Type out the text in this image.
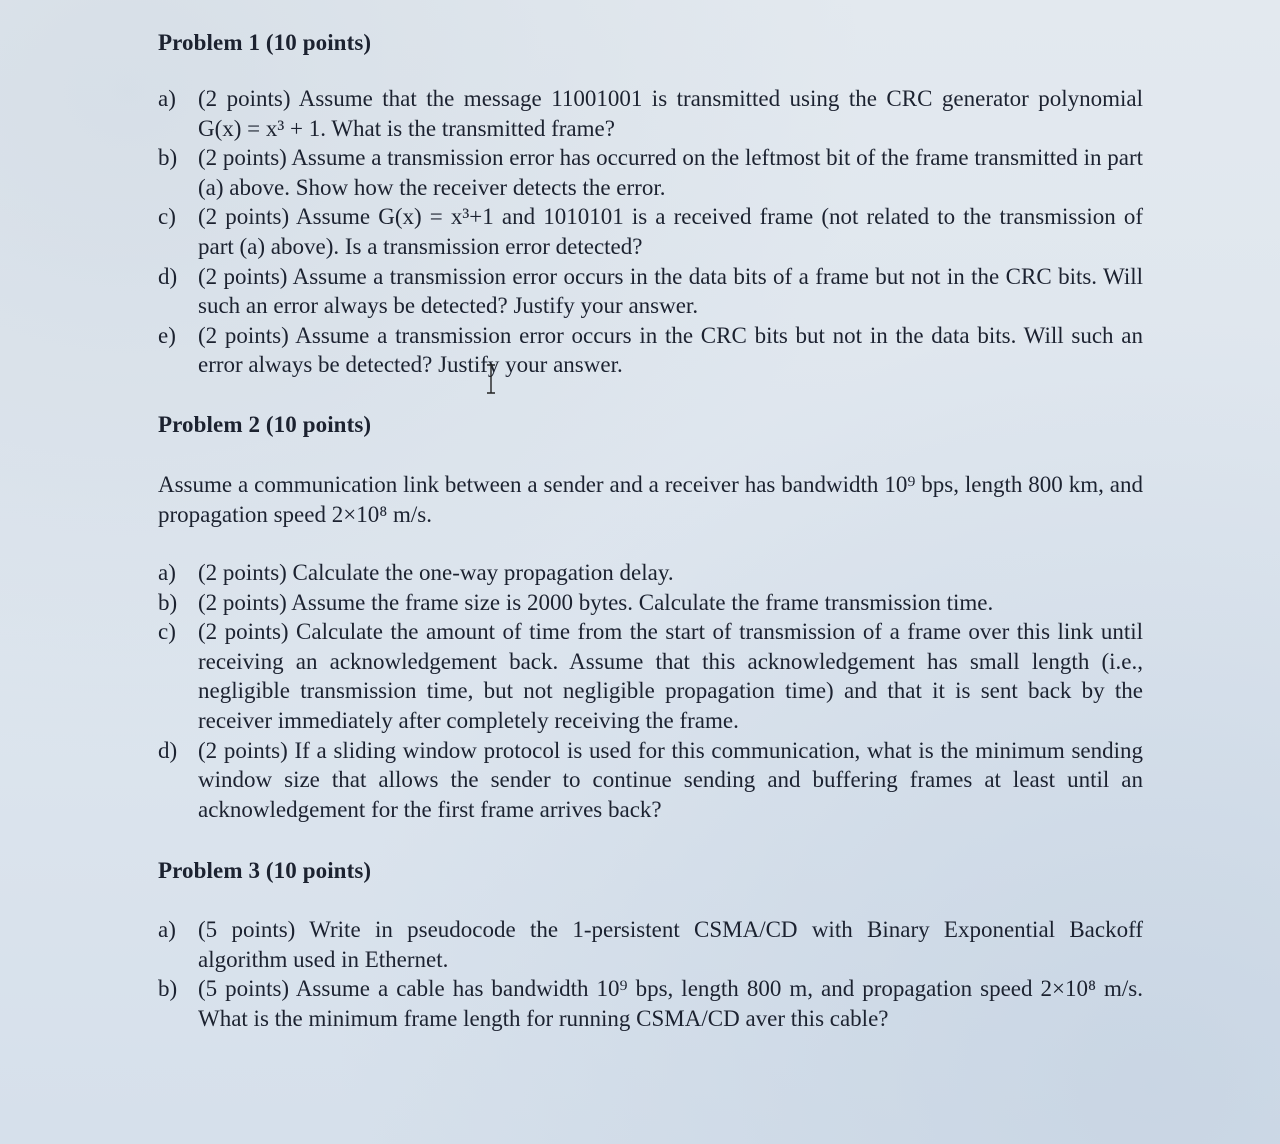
Problem 1 (10 points)
a) (2 points) Assume that the message 11001001 is transmitted using the CRC generator polynomial G(x) = x³ + 1. What is the transmitted frame?
b) (2 points) Assume a transmission error has occurred on the leftmost bit of the frame transmitted in part (a) above. Show how the receiver detects the error.
c) (2 points) Assume G(x) = x³+1 and 1010101 is a received frame (not related to the transmission of part (a) above). Is a transmission error detected?
d) (2 points) Assume a transmission error occurs in the data bits of a frame but not in the CRC bits. Will such an error always be detected? Justify your answer.
e) (2 points) Assume a transmission error occurs in the CRC bits but not in the data bits. Will such an error always be detected? Justify your answer.
Problem 2 (10 points)

Assume a communication link between a sender and a receiver has bandwidth 10⁹ bps, length 800 km, and propagation speed 2×10⁸ m/s.

a) (2 points) Calculate the one-way propagation delay.
b) (2 points) Assume the frame size is 2000 bytes. Calculate the frame transmission time.
c) (2 points) Calculate the amount of time from the start of transmission of a frame over this link until receiving an acknowledgement back. Assume that this acknowledgement has small length (i.e., negligible transmission time, but not negligible propagation time) and that it is sent back by the receiver immediately after completely receiving the frame.
d) (2 points) If a sliding window protocol is used for this communication, what is the minimum sending window size that allows the sender to continue sending and buffering frames at least until an acknowledgement for the first frame arrives back?
Problem 3 (10 points)
a) (5 points) Write in pseudocode the 1-persistent CSMA/CD with Binary Exponential Backoff algorithm used in Ethernet.
b) (5 points) Assume a cable has bandwidth 10⁹ bps, length 800 m, and propagation speed 2×10⁸ m/s. What is the minimum frame length for running CSMA/CD aver this cable?
